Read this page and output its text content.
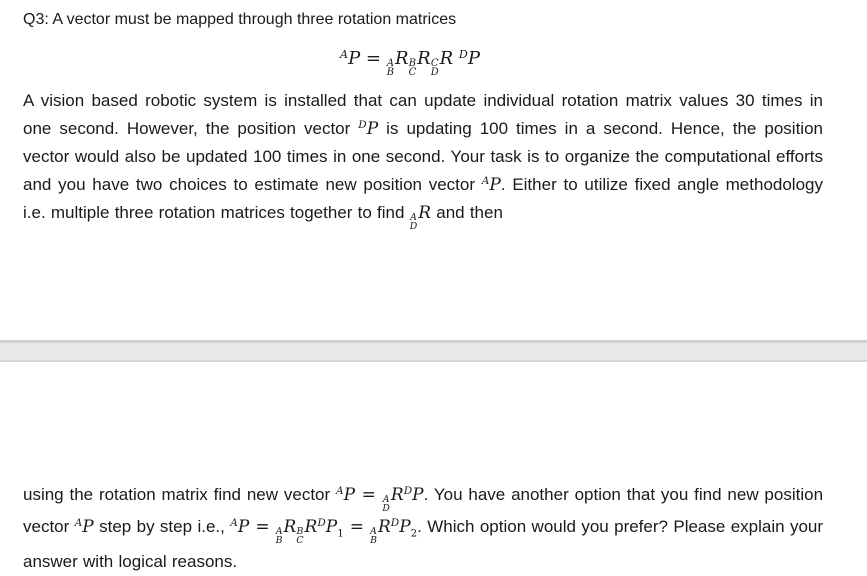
Q3: A vector must be mapped through three rotation matrices
AP = A
B
R B
C
R C
D
R DP
A vision based robotic system is installed that can update individual rotation matrix values 30 times in one second. However, the position vector DP is updating 100 times in a second. Hence, the position vector would also be updated 100 times in one second. Your task is to organize the computational efforts and you have two choices to estimate new position vector AP. Either to utilize fixed angle methodology i.e. multiple three rotation matrices together to find A
D
R and then
using the rotation matrix find new vector AP = A
D
RDP. You have another option that you find new position vector AP step by step i.e., AP = A
B
R B
C
$RDP_1 = A$
B
$RDP_2$. Which option would you prefer? Please explain your answer with logical reasons.
